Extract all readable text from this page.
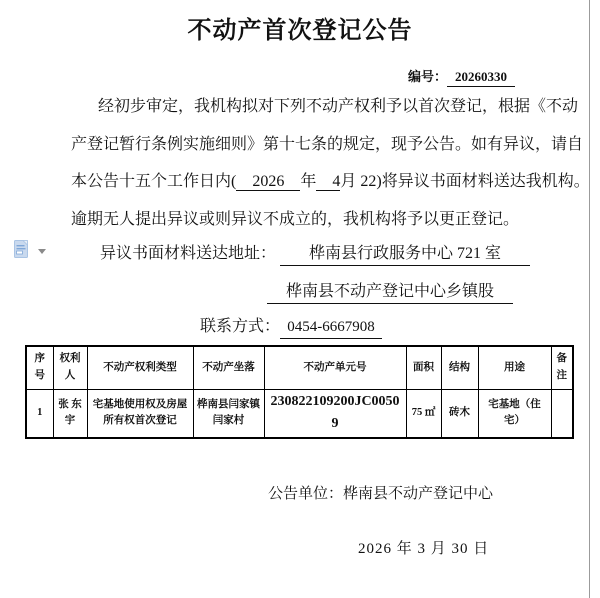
不动产首次登记公告
编号： 20260330
经初步审定，我机构拟对下列不动产权利予以首次登记，根据《不动
产登记暂行条例实施细则》第十七条的规定，现予公告。如有异议，请自
本公告十五个工作日内(　2026　年　4月 22)将异议书面材料送达我机构。
逾期无人提出异议或则异议不成立的，我机构将予以更正登记。
异议书面材料送达地址： 桦南县行政服务中心 721 室
桦南县不动产登记中心乡镇股
联系方式： 0454-6667908
序号	权利人	不动产权利类型	不动产坐落	不动产单元号	面积	结构	用途	备注
1	张 东宇	宅基地使用权及房屋所有权首次登记	桦南县闫家镇闫家村	230822109200JC00509	75 ㎡	砖木	宅基地（住宅）	
公告单位：桦南县不动产登记中心
2026 年 3 月 30 日
